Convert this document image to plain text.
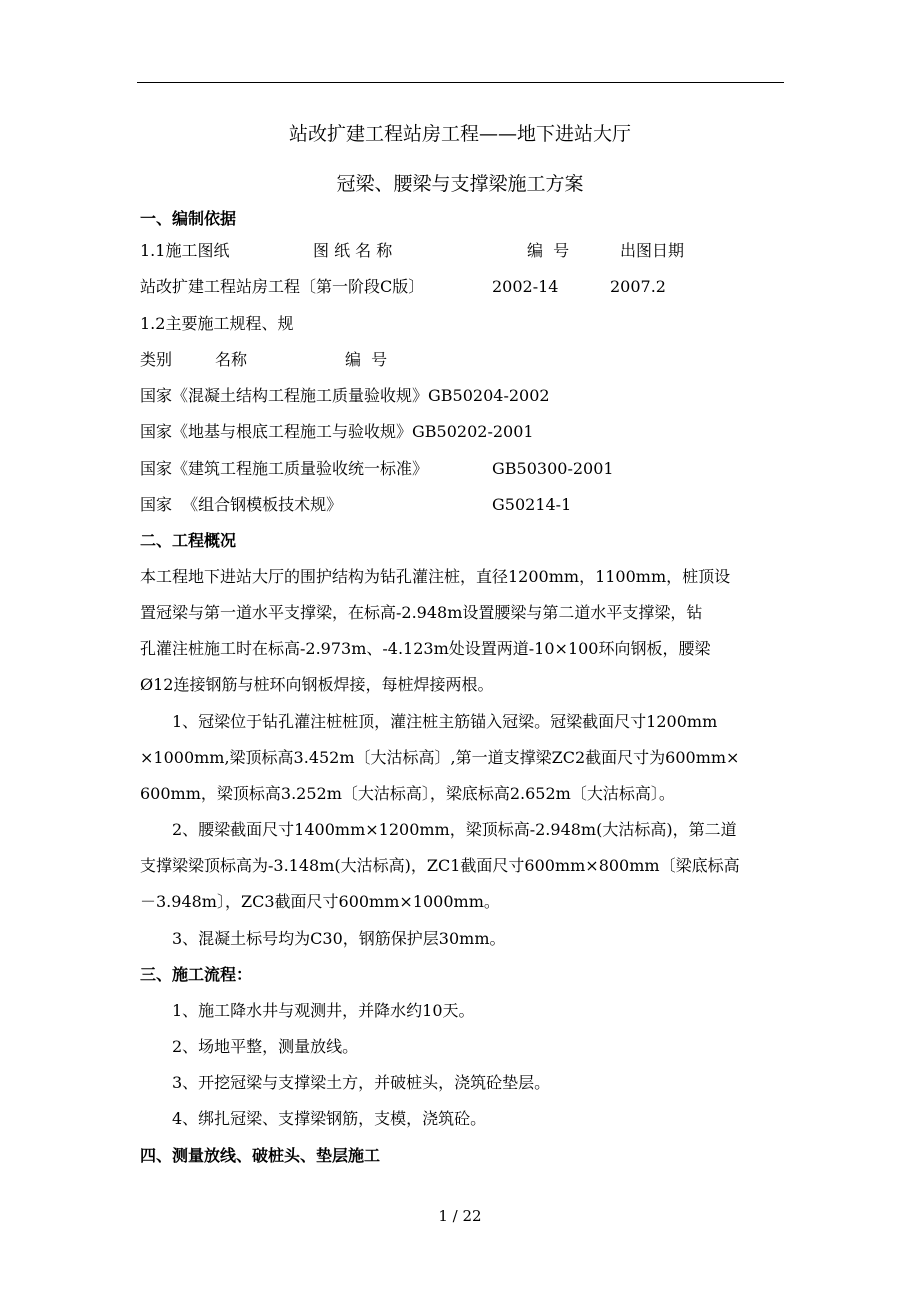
站改扩建工程站房工程——地下进站大厅
冠梁、腰梁与支撑梁施工方案
一、编制依据
1.1施工图纸	图 纸 名 称	编  号	出图日期
站改扩建工程站房工程〔第一阶段C版〕	2002-14	2007.2
1.2主要施工规程、规
类别	名称	编  号
国家《混凝土结构工程施工质量验收规》GB50204-2002
国家《地基与根底工程施工与验收规》GB50202-2001
国家《建筑工程施工质量验收统一标准》	GB50300-2001
国家  《组合钢模板技术规》	G50214-1
二、工程概况
本工程地下进站大厅的围护结构为钻孔灌注桩，直径1200mm，1100mm，桩顶设
置冠梁与第一道水平支撑梁，在标高-2.948m设置腰梁与第二道水平支撑梁，钻
孔灌注桩施工时在标高-2.973m、-4.123m处设置两道-10×100环向钢板，腰梁
Ø12连接钢筋与桩环向钢板焊接，每桩焊接两根。
1、冠梁位于钻孔灌注桩桩顶，灌注桩主筋锚入冠梁。冠梁截面尺寸1200mm
×1000mm,梁顶标高3.452m〔大沽标高〕,第一道支撑梁ZC2截面尺寸为600mm×
600mm，梁顶标高3.252m〔大沽标高〕，梁底标高2.652m〔大沽标高〕。
2、腰梁截面尺寸1400mm×1200mm，梁顶标高-2.948m(大沽标高)，第二道
支撑梁梁顶标高为-3.148m(大沽标高)，ZC1截面尺寸600mm×800mm〔梁底标高
－3.948m〕，ZC3截面尺寸600mm×1000mm。
3、混凝土标号均为C30，钢筋保护层30mm。
三、施工流程：
1、施工降水井与观测井，并降水约10天。
2、场地平整，测量放线。
3、开挖冠梁与支撑梁土方，并破桩头，浇筑砼垫层。
4、绑扎冠梁、支撑梁钢筋，支模，浇筑砼。
四、测量放线、破桩头、垫层施工
1 / 22
